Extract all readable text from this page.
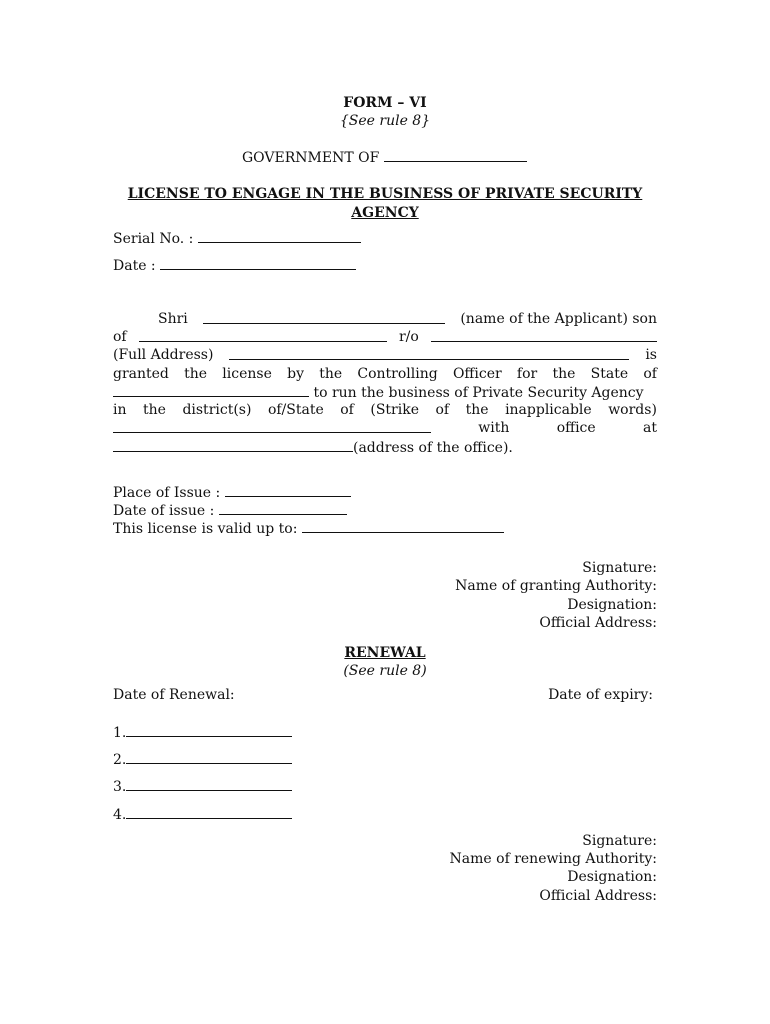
FORM – VI
{See rule 8}
GOVERNMENT OF
LICENSE TO ENGAGE IN THE BUSINESS OF PRIVATE SECURITY
AGENCY
Serial No. :
Date :
Shri	(name of the Applicant) son
of	r/o
(Full Address)	is
granted the license by the Controlling Officer for the State of
to run the business of Private Security Agency
in the district(s) of/State of (Strike of the inapplicable words)
with	office	at
(address of the office).
Place of Issue :
Date of issue :
This license is valid up to:
Signature:
Name of granting Authority:
Designation:
Official Address:
RENEWAL
(See rule 8)
Date of Renewal:	Date of expiry:
1.
2.
3.
4.
Signature:
Name of renewing Authority:
Designation:
Official Address:
